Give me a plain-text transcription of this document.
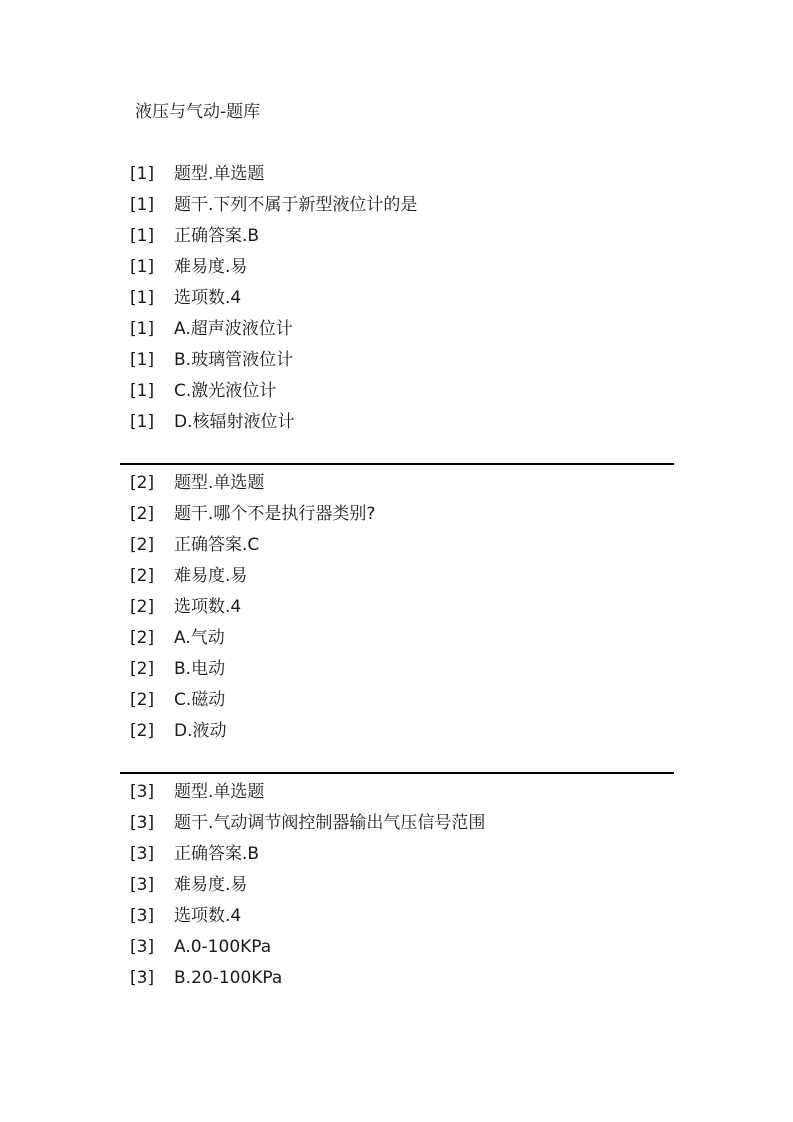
液压与气动-题库
[1] 题型.单选题
[1] 题干.下列不属于新型液位计的是
[1] 正确答案.B
[1] 难易度.易
[1] 选项数.4
[1] A.超声波液位计
[1] B.玻璃管液位计
[1] C.激光液位计
[1] D.核辐射液位计
[2] 题型.单选题
[2] 题干.哪个不是执行器类别?
[2] 正确答案.C
[2] 难易度.易
[2] 选项数.4
[2] A.气动
[2] B.电动
[2] C.磁动
[2] D.液动
[3] 题型.单选题
[3] 题干.气动调节阀控制器输出气压信号范围
[3] 正确答案.B
[3] 难易度.易
[3] 选项数.4
[3] A.0-100KPa
[3] B.20-100KPa
